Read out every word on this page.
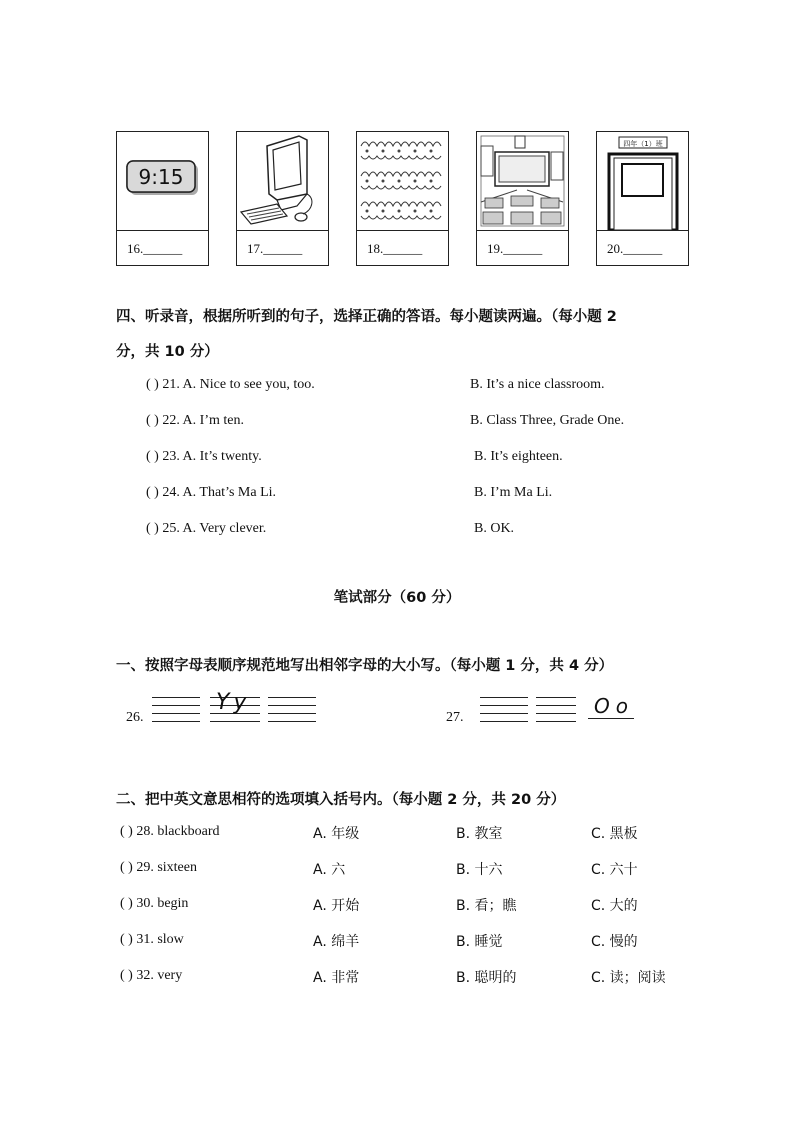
9:15
16.______	17.______	18.______	19.______
四年（1）班
20.______
四、听录音，根据所听到的句子，选择正确的答语。每小题读两遍。（每小题 2
分，共 10 分）
( ) 21. A. Nice to see you, too.	B. It’s a nice classroom.
( ) 22. A. I’m ten.	B. Class Three, Grade One.
( ) 23. A. It’s twenty.	B. It’s eighteen.
( ) 24. A. That’s Ma Li.	B. I’m Ma Li.
( ) 25. A. Very clever.	B. OK.
笔试部分（60 分）
一、按照字母表顺序规范地写出相邻字母的大小写。（每小题 1 分，共 4 分）
26.
Yy
27.	Oo
二、把中英文意思相符的选项填入括号内。（每小题 2 分，共 20 分）
( ) 28. blackboard	A. 年级	B. 教室	C. 黑板
( ) 29. sixteen	A. 六	B. 十六	C. 六十
( ) 30. begin	A. 开始	B. 看；瞧	C. 大的
( ) 31. slow	A. 绵羊	B. 睡觉	C. 慢的
( ) 32. very	A. 非常	B. 聪明的	C. 读；阅读
